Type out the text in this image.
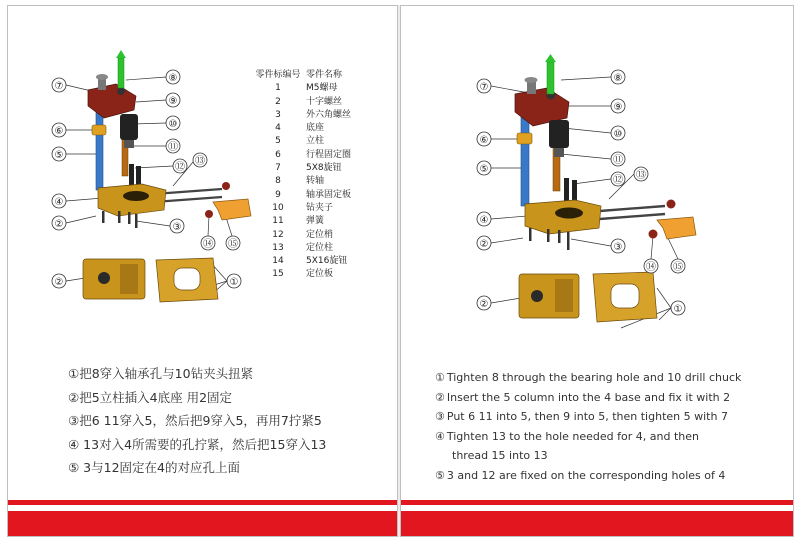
⑦
⑧
⑨
⑩
⑪
⑥
⑤
⑫
⑬
④
②	③
⑭ ⑮
②	①
零件标编号 零件名称
1	M5螺母
2	十字螺丝
3	外六角螺丝
4	底座
5	立柱
6	行程固定圈
7	5X8旋钮
8	转轴
9	轴承固定板
10	钻夹子
11	弹簧
12	定位梢
13	定位柱
14	5X16旋钮
15	定位板
①把8穿入轴承孔与10钻夹头扭紧
②把5立柱插入4底座 用2固定
③把6 11穿入5，然后把9穿入5，再用7拧紧5
④ 13对入4所需要的孔拧紧，然后把15穿入13
⑤ 3与12固定在4的对应孔上面
⑦
⑧
⑨
⑩
⑪
⑥
⑤
⑫ ⑬
④
②	③
⑭ ⑮
②	①
① Tighten 8 through the bearing hole and 10 drill chuck
② Insert the 5 column into the 4 base and fix it with 2
③ Put 6 11 into 5, then 9 into 5, then tighten 5 with 7
④ Tighten 13 to the hole needed for 4, and then
thread 15 into 13
⑤ 3 and 12 are fixed on the corresponding holes of 4
